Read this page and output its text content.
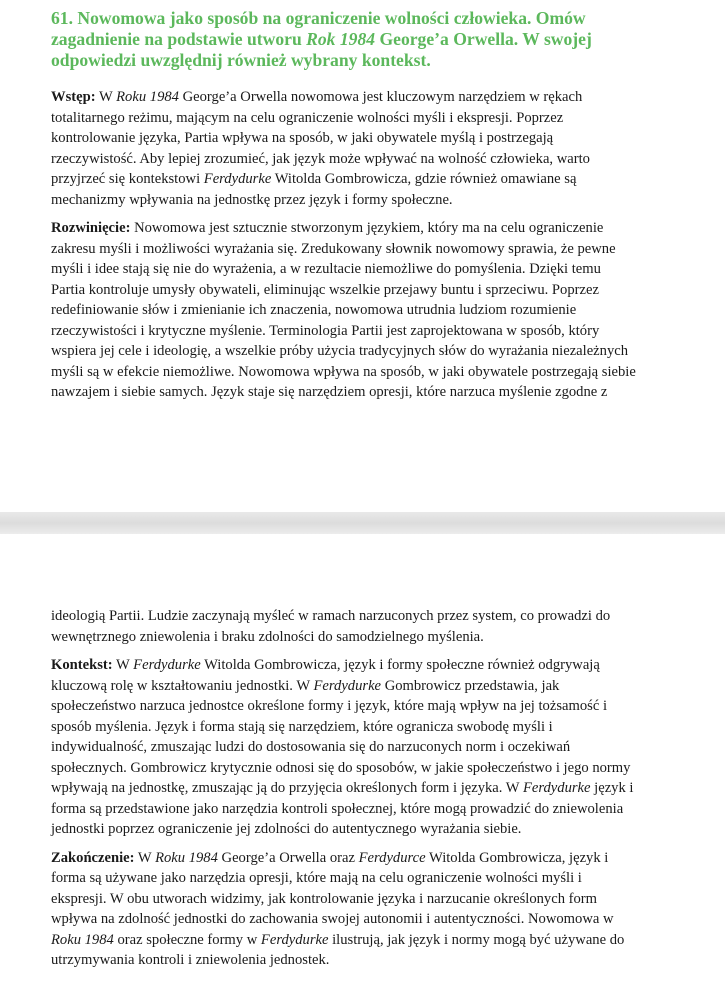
61. Nowomowa jako sposób na ograniczenie wolności człowieka. Omów
zagadnienie na podstawie utworu Rok 1984 George’a Orwella. W swojej
odpowiedzi uwzględnij również wybrany kontekst.

Wstęp: W Roku 1984 George’a Orwella nowomowa jest kluczowym narzędziem w rękach
totalitarnego reżimu, mającym na celu ograniczenie wolności myśli i ekspresji. Poprzez
kontrolowanie języka, Partia wpływa na sposób, w jaki obywatele myślą i postrzegają
rzeczywistość. Aby lepiej zrozumieć, jak język może wpływać na wolność człowieka, warto
przyjrzeć się kontekstowi Ferdydurke Witolda Gombrowicza, gdzie również omawiane są
mechanizmy wpływania na jednostkę przez język i formy społeczne.

Rozwinięcie: Nowomowa jest sztucznie stworzonym językiem, który ma na celu ograniczenie
zakresu myśli i możliwości wyrażania się. Zredukowany słownik nowomowy sprawia, że pewne
myśli i idee stają się nie do wyrażenia, a w rezultacie niemożliwe do pomyślenia. Dzięki temu
Partia kontroluje umysły obywateli, eliminując wszelkie przejawy buntu i sprzeciwu. Poprzez
redefiniowanie słów i zmienianie ich znaczenia, nowomowa utrudnia ludziom rozumienie
rzeczywistości i krytyczne myślenie. Terminologia Partii jest zaprojektowana w sposób, który
wspiera jej cele i ideologię, a wszelkie próby użycia tradycyjnych słów do wyrażania niezależnych
myśli są w efekcie niemożliwe. Nowomowa wpływa na sposób, w jaki obywatele postrzegają siebie
nawzajem i siebie samych. Język staje się narzędziem opresji, które narzuca myślenie zgodne z

ideologią Partii. Ludzie zaczynają myśleć w ramach narzuconych przez system, co prowadzi do
wewnętrznego zniewolenia i braku zdolności do samodzielnego myślenia.

Kontekst: W Ferdydurke Witolda Gombrowicza, język i formy społeczne również odgrywają
kluczową rolę w kształtowaniu jednostki. W Ferdydurke Gombrowicz przedstawia, jak
społeczeństwo narzuca jednostce określone formy i język, które mają wpływ na jej tożsamość i
sposób myślenia. Język i forma stają się narzędziem, które ogranicza swobodę myśli i
indywidualność, zmuszając ludzi do dostosowania się do narzuconych norm i oczekiwań
społecznych. Gombrowicz krytycznie odnosi się do sposobów, w jakie społeczeństwo i jego normy
wpływają na jednostkę, zmuszając ją do przyjęcia określonych form i języka. W Ferdydurke język i
forma są przedstawione jako narzędzia kontroli społecznej, które mogą prowadzić do zniewolenia
jednostki poprzez ograniczenie jej zdolności do autentycznego wyrażania siebie.

Zakończenie: W Roku 1984 George’a Orwella oraz Ferdydurce Witolda Gombrowicza, język i
forma są używane jako narzędzia opresji, które mają na celu ograniczenie wolności myśli i
ekspresji. W obu utworach widzimy, jak kontrolowanie języka i narzucanie określonych form
wpływa na zdolność jednostki do zachowania swojej autonomii i autentyczności. Nowomowa w
Roku 1984 oraz społeczne formy w Ferdydurke ilustrują, jak język i normy mogą być używane do
utrzymywania kontroli i zniewolenia jednostek.
